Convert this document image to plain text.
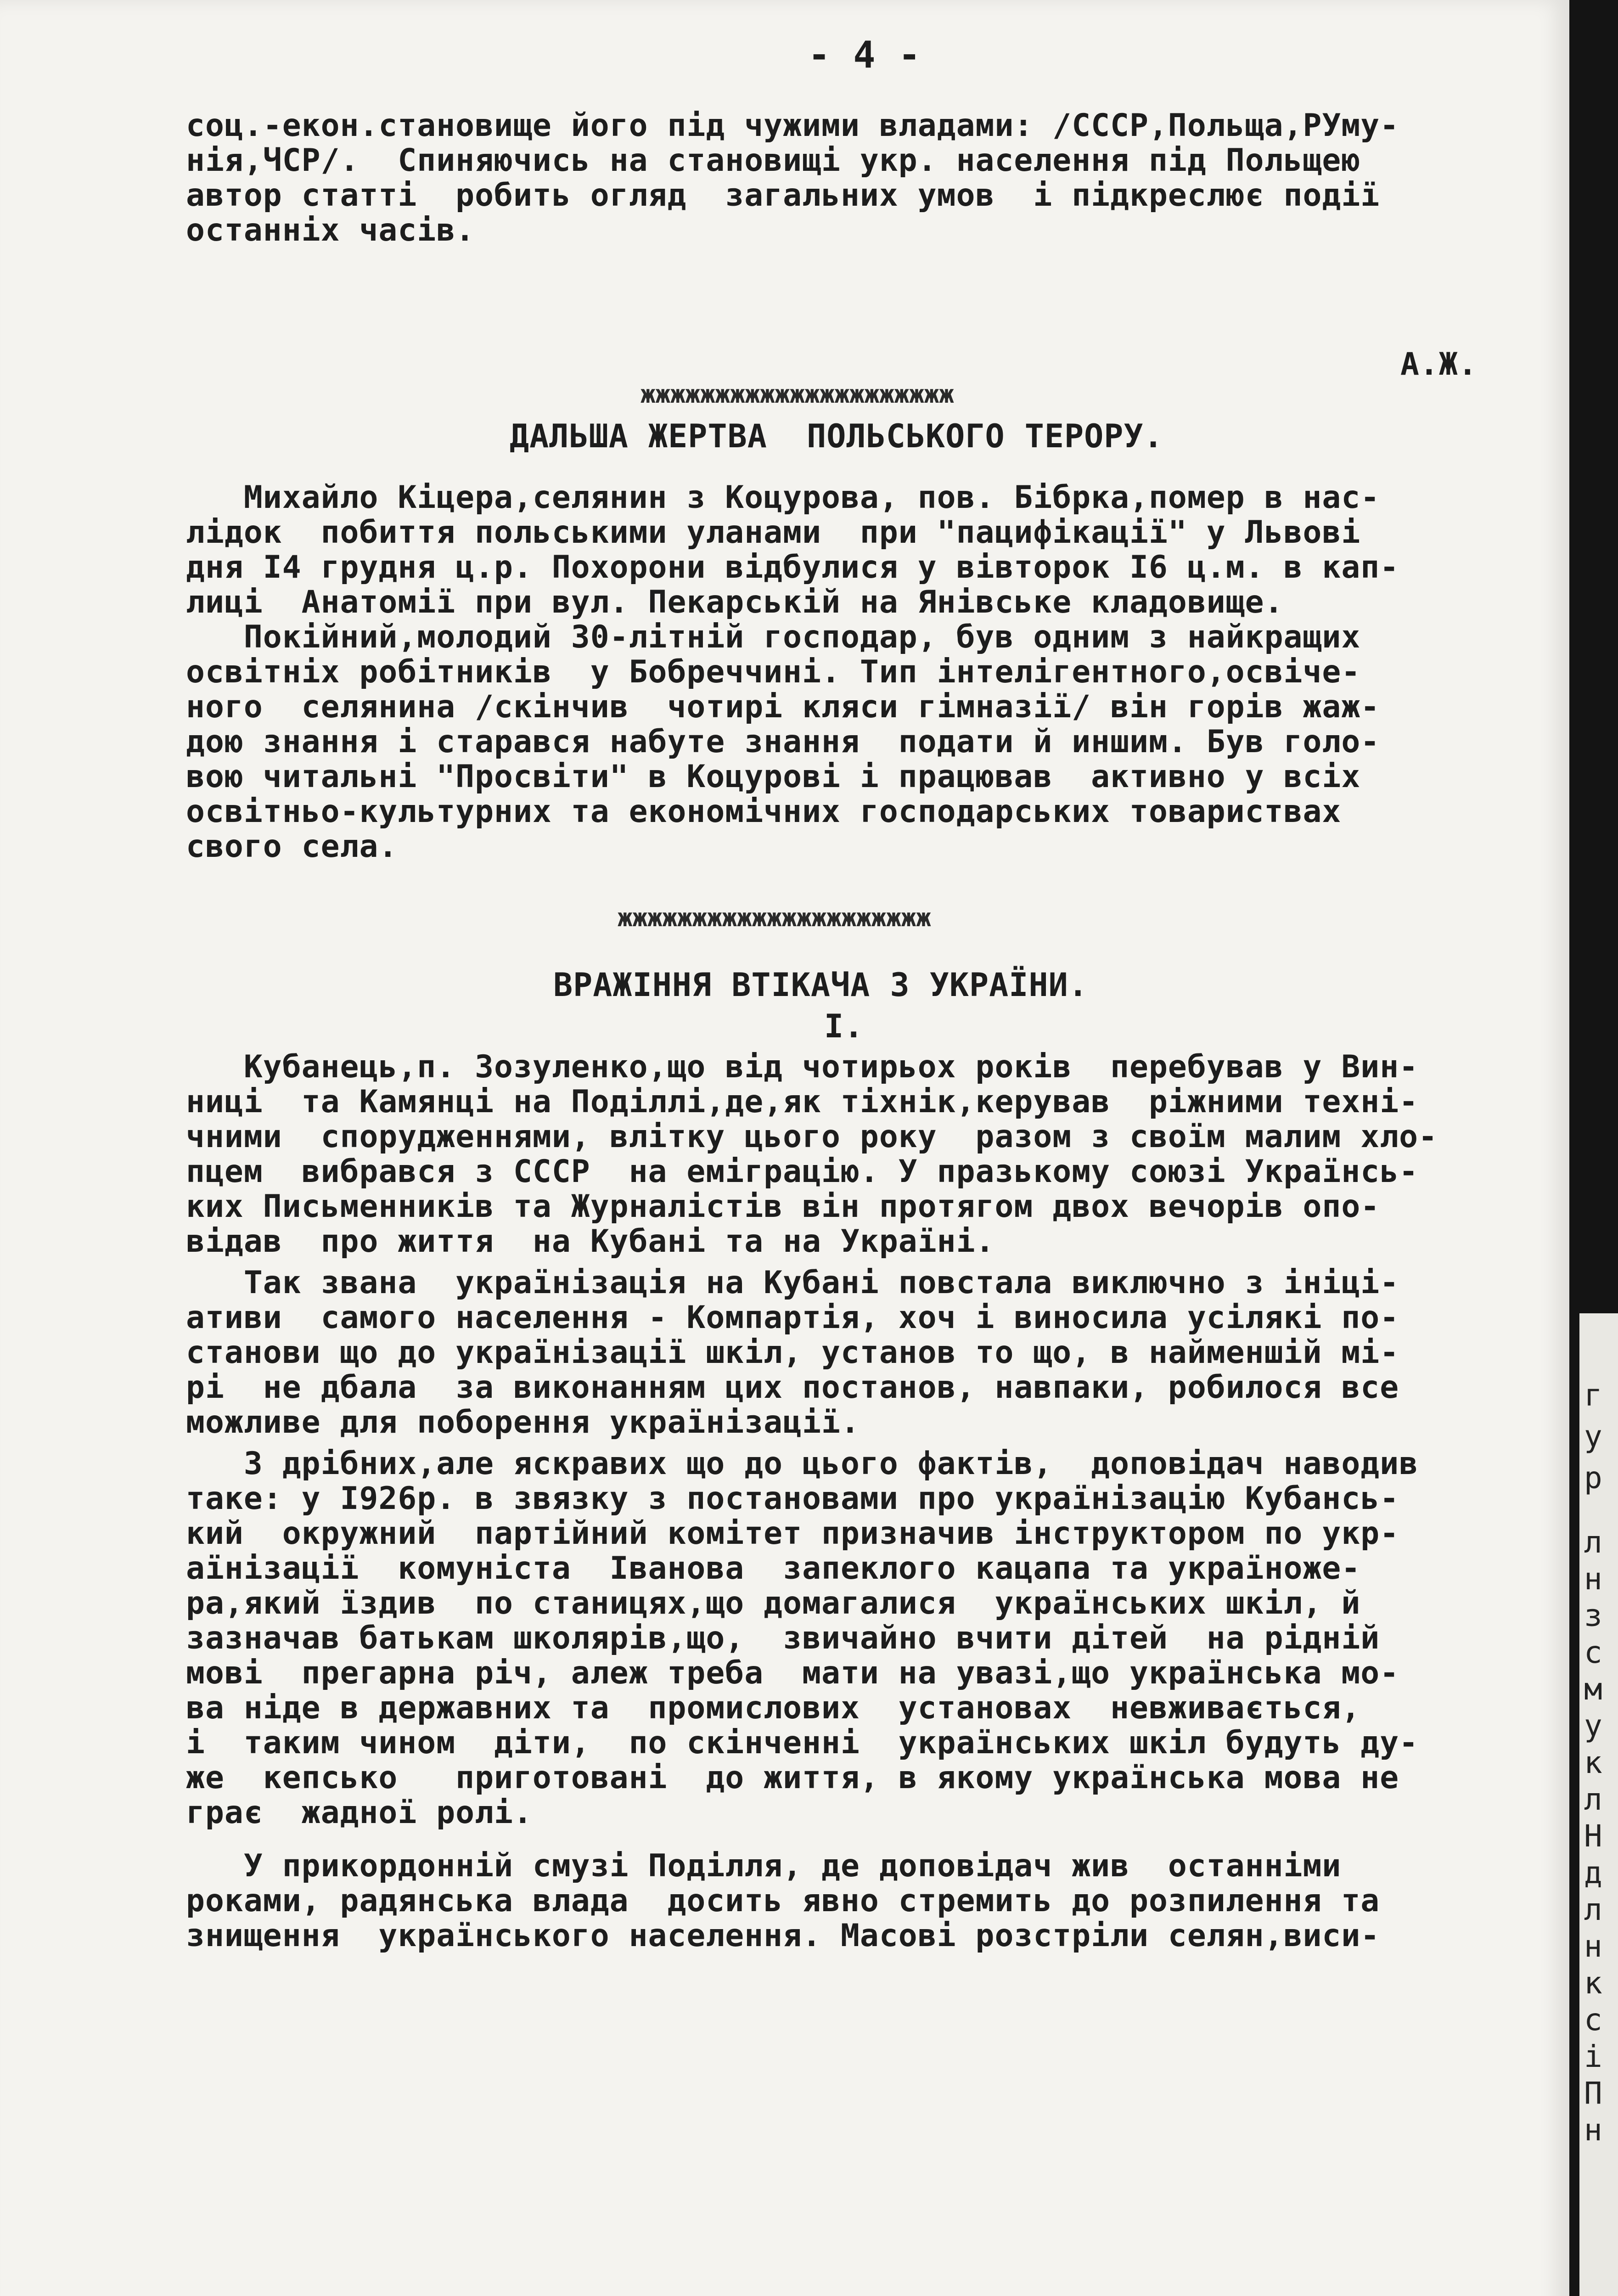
- 4 -
соц.-екон.становище його під чужими владами: /СССР,Польща,РУму-
нія,ЧСР/.  Спиняючись на становищі укр. населення під Польщею
автор статті  робить огляд  загальних умов  і підкреслює події
останніх часів.
А.Ж.
жжжжжжжжжжжжжжжжжжжжж
ДАЛЬША ЖЕРТВА  ПОЛЬСЬКОГО ТЕРОРУ.
Михайло Кіцера,селянин з Коцурова, пов. Бібрка,помер в нас-
лідок  побиття польськими уланами  при "пацифікації" у Львові
дня I4 грудня ц.р. Похорони відбулися у вівторок I6 ц.м. в кап-
лиці  Анатомії при вул. Пекарській на Янівське кладовище.
Покійний,молодий 30-літній господар, був одним з найкращих
освітніх робітників  у Бобреччині. Тип інтелігентного,освіче-
ного  селянина /скінчив  чотирі кляси гімназії/ він горів жаж-
дою знання і старався набуте знання  подати й иншим. Був голо-
вою читальні "Просвіти" в Коцурові і працював  активно у всіх
освітньо-культурних та економічних господарських товариствах
свого села.
жжжжжжжжжжжжжжжжжжжжж
ВРАЖІННЯ ВТІКАЧА З УКРАЇНИ.
I.
Кубанець,п. Зозуленко,що від чотирьох років  перебував у Вин-
ниці  та Камянці на Поділлі,де,як тіхнік,керував  ріжними техні-
чними  спорудженнями, влітку цього року  разом з своїм малим хло-
пцем  вибрався з СССР  на еміграцію. У празькому союзі Українсь-
ких Письменників та Журналістів він протягом двох вечорів опо-
відав  про життя  на Кубані та на Україні.
Так звана  українізація на Кубані повстала виключно з ініці-
ативи  самого населення - Компартія, хоч і виносила усілякі по-
станови що до українізації шкіл, установ то що, в найменшій мі-
рі  не дбала  за виконанням цих постанов, навпаки, робилося все
можливе для поборення українізації.
З дрібних,але яскравих що до цього фактів,  доповідач наводив
таке: у I926р. в звязку з постановами про українізацію Кубансь-
кий  окружний  партійний комітет призначив інструктором по укр-
аїнізації  комуніста  Іванова  запеклого кацапа та україноже-
ра,який їздив  по станицях,що домагалися  українських шкіл, й
зазначав батькам школярів,що,  звичайно вчити дітей  на рідній
мові  прегарна річ, алеж треба  мати на увазі,що українська мо-
ва ніде в державних та  промислових  установах  невживається,
і  таким чином  діти,  по скінченні  українських шкіл будуть ду-
же  кепсько   приготовані  до життя, в якому українська мова не
грає  жадної ролі.
У прикордонній смузі Поділля, де доповідач жив  останніми
роками, радянська влада  досить явно стремить до розпилення та
знищення  українського населення. Масові розстріли селян,виси-
г
у
р
л
н
з
с
м
у
к
л
Н
д
л
н
к
с
і
П
н
